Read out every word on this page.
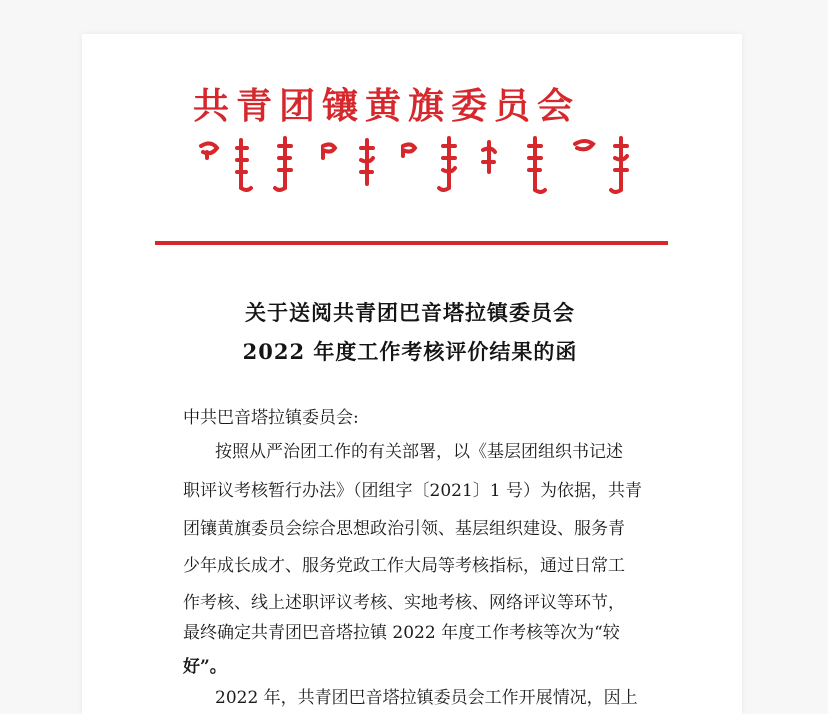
共青团镶黄旗委员会
关于送阅共青团巴音塔拉镇委员会
2022 年度工作考核评价结果的函
中共巴音塔拉镇委员会:
按照从严治团工作的有关部署，以《基层团组织书记述
职评议考核暂行办法》（团组字〔2021〕1 号）为依据，共青
团镶黄旗委员会综合思想政治引领、基层组织建设、服务青
少年成长成才、服务党政工作大局等考核指标，通过日常工
作考核、线上述职评议考核、实地考核、网络评议等环节，
最终确定共青团巴音塔拉镇 2022 年度工作考核等次为“较
好”。
2022 年，共青团巴音塔拉镇委员会工作开展情况，因上
